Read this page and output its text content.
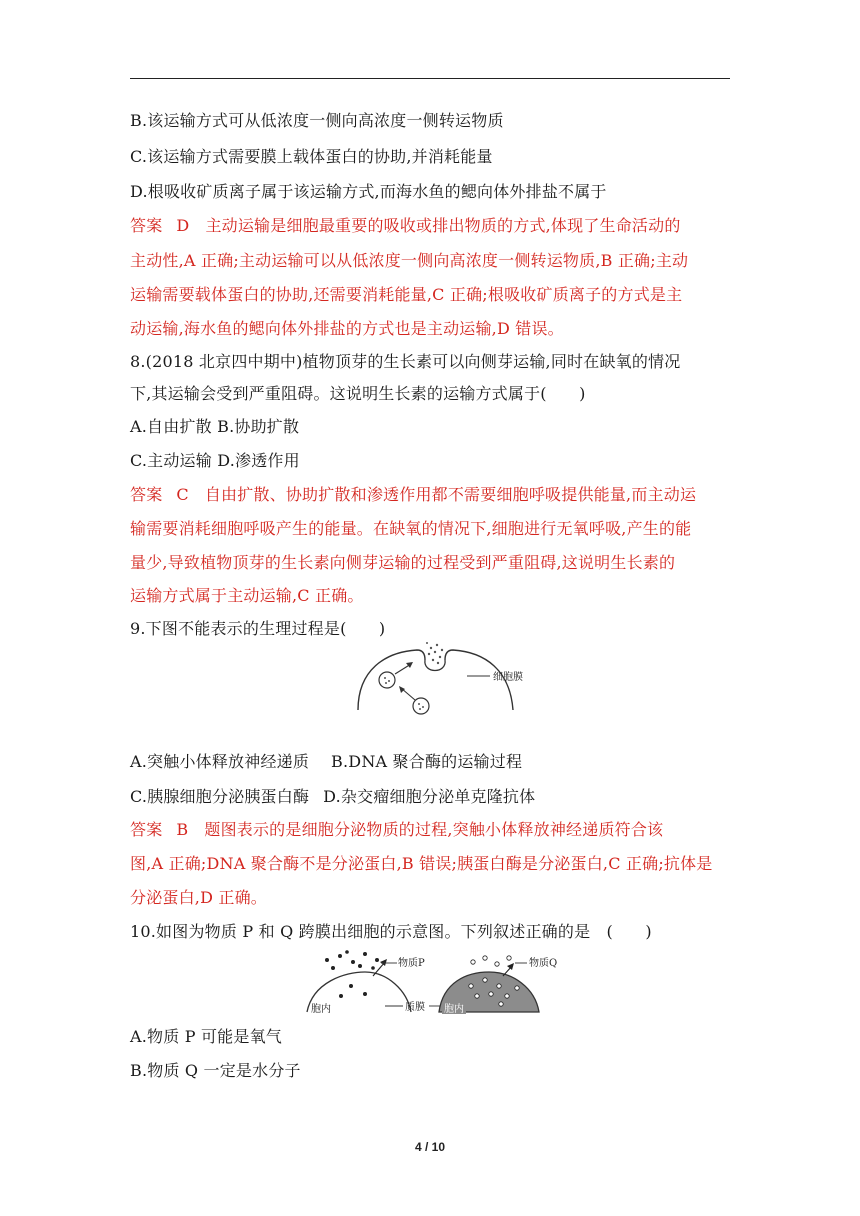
B.该运输方式可从低浓度一侧向高浓度一侧转运物质
C.该运输方式需要膜上载体蛋白的协助,并消耗能量
D.根吸收矿质离子属于该运输方式,而海水鱼的鳃向体外排盐不属于
答案 D 主动运输是细胞最重要的吸收或排出物质的方式,体现了生命活动的
主动性,A 正确;主动运输可以从低浓度一侧向高浓度一侧转运物质,B 正确;主动
运输需要载体蛋白的协助,还需要消耗能量,C 正确;根吸收矿质离子的方式是主
动运输,海水鱼的鳃向体外排盐的方式也是主动运输,D 错误。
8.(2018 北京四中期中)植物顶芽的生长素可以向侧芽运输,同时在缺氧的情况
下,其运输会受到严重阻碍。这说明生长素的运输方式属于(　　)
A.自由扩散 B.协助扩散
C.主动运输 D.渗透作用
答案 C 自由扩散、协助扩散和渗透作用都不需要细胞呼吸提供能量,而主动运
输需要消耗细胞呼吸产生的能量。在缺氧的情况下,细胞进行无氧呼吸,产生的能
量少,导致植物顶芽的生长素向侧芽运输的过程受到严重阻碍,这说明生长素的
运输方式属于主动运输,C 正确。
9.下图不能表示的生理过程是(　　)
细胞膜
A.突触小体释放神经递质 B.DNA 聚合酶的运输过程
C.胰腺细胞分泌胰蛋白酶 D.杂交瘤细胞分泌单克隆抗体
答案 B 题图表示的是细胞分泌物质的过程,突触小体释放神经递质符合该
图,A 正确;DNA 聚合酶不是分泌蛋白,B 错误;胰蛋白酶是分泌蛋白,C 正确;抗体是
分泌蛋白,D 正确。
10.如图为物质 P 和 Q 跨膜出细胞的示意图。下列叙述正确的是　(　　)
物质P
胞内	质膜
物质Q
胞内
A.物质 P 可能是氧气
B.物质 Q 一定是水分子
4 / 10
